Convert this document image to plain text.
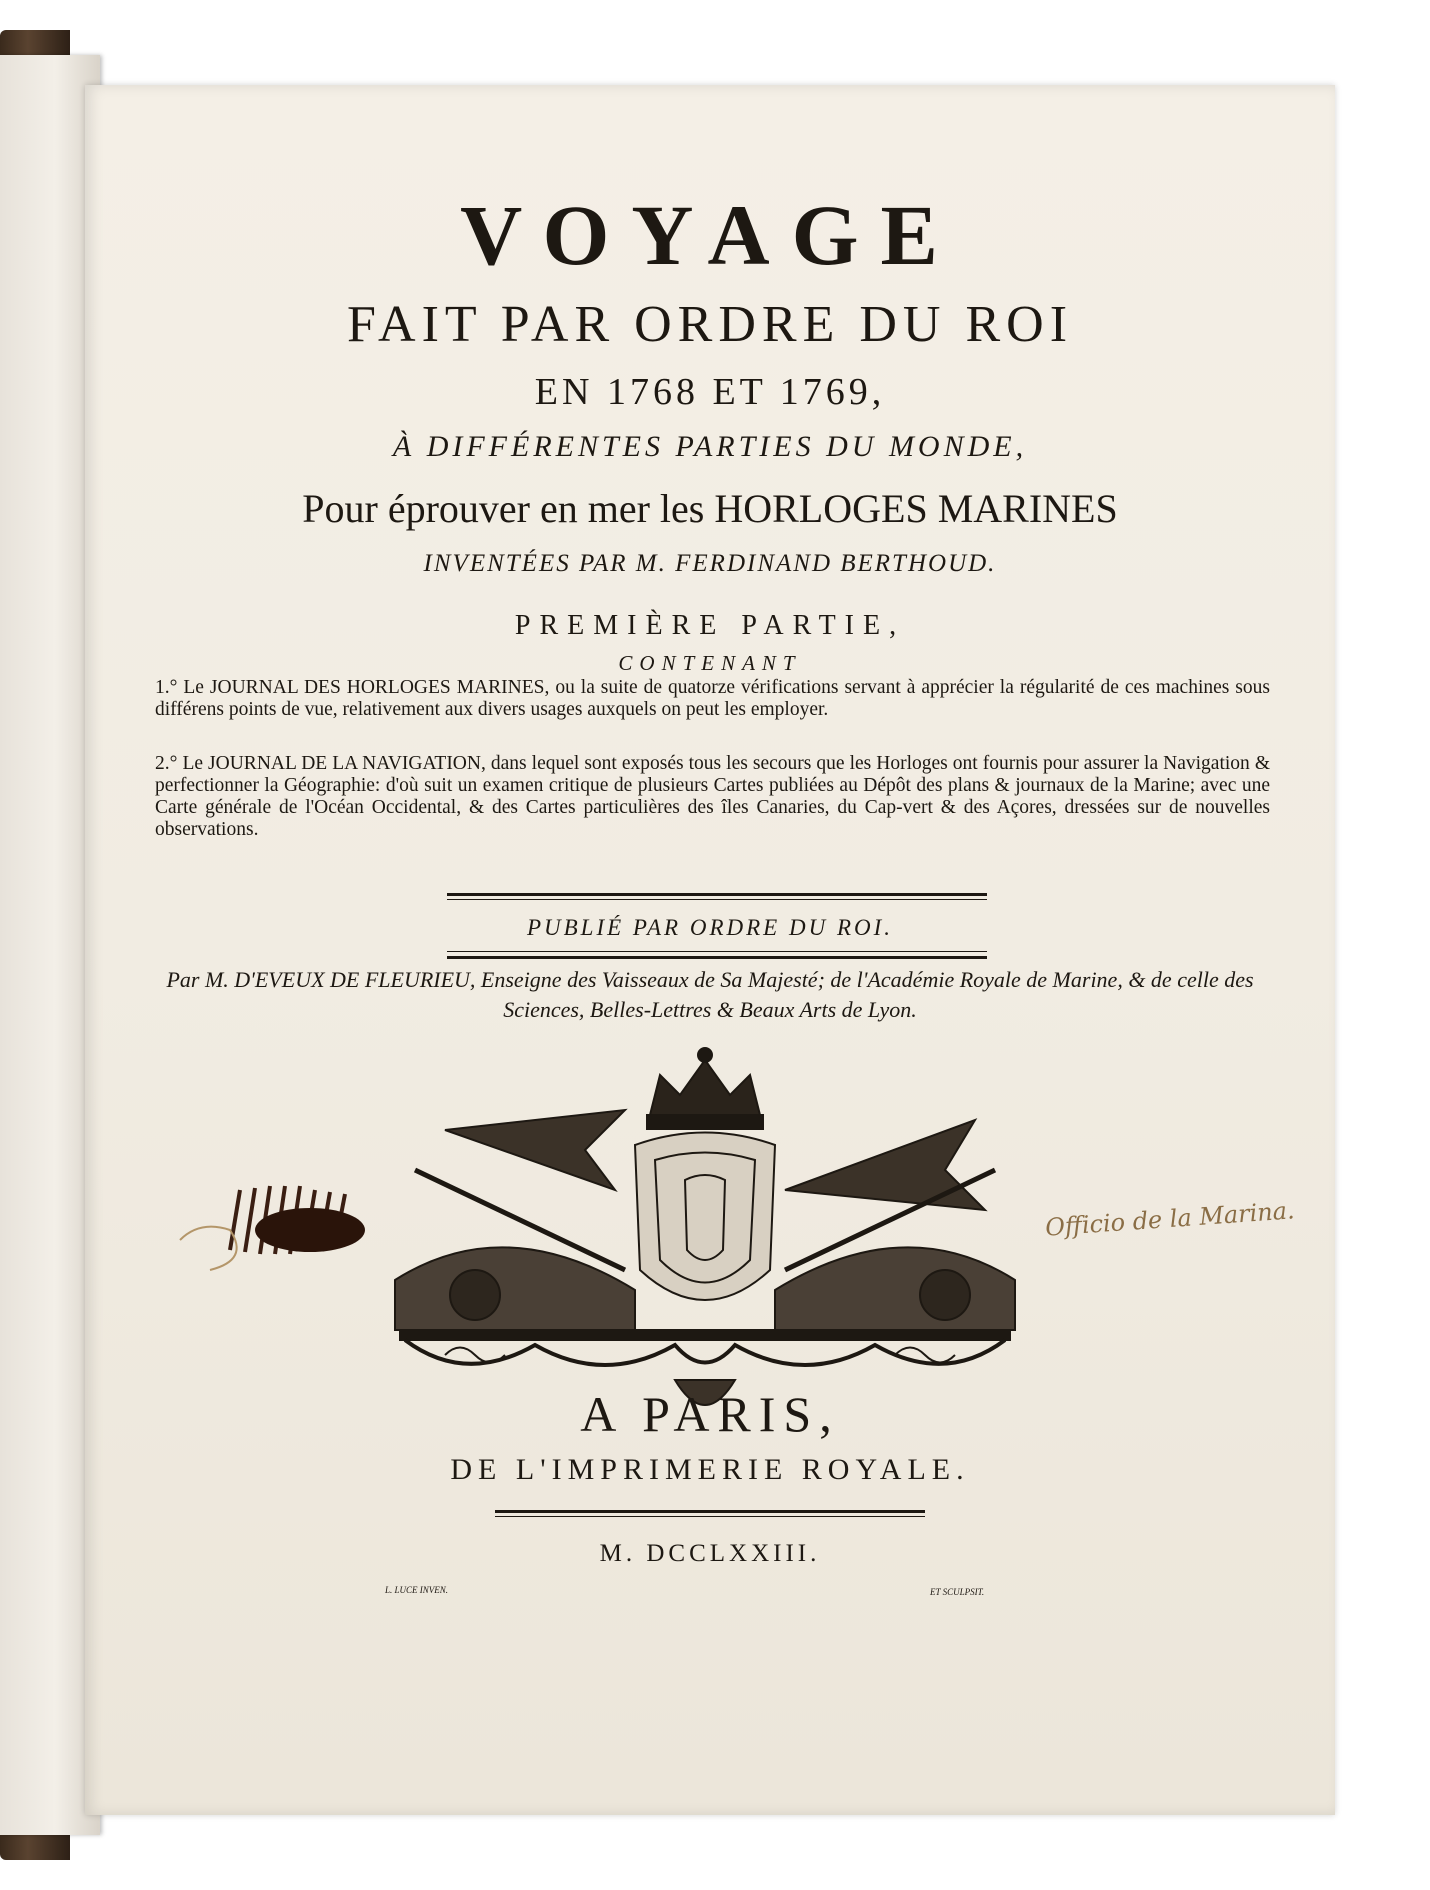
VOYAGE
FAIT PAR ORDRE DU ROI
EN 1768 ET 1769,
À DIFFÉRENTES PARTIES DU MONDE,
Pour éprouver en mer les HORLOGES MARINES
INVENTÉES PAR M. FERDINAND BERTHOUD.
PREMIÈRE PARTIE,
CONTENANT
1.° Le JOURNAL DES HORLOGES MARINES, ou la suite de quatorze vérifications servant à apprécier la régularité de ces machines sous différens points de vue, relativement aux divers usages auxquels on peut les employer.
2.° Le JOURNAL DE LA NAVIGATION, dans lequel sont exposés tous les secours que les Horloges ont fournis pour assurer la Navigation & perfectionner la Géographie: d'où suit un examen critique de plusieurs Cartes publiées au Dépôt des plans & journaux de la Marine; avec une Carte générale de l'Océan Occidental, & des Cartes particulières des îles Canaries, du Cap-vert & des Açores, dressées sur de nouvelles observations.
PUBLIÉ PAR ORDRE DU ROI.
Par M. D'EVEUX DE FLEURIEU, Enseigne des Vaisseaux de Sa Majesté; de l'Académie Royale de Marine, & de celle des Sciences, Belles-Lettres & Beaux Arts de Lyon.
L. LUCE INVEN.	ET SCULPSIT.
Officio de la Marina.
A PARIS,
DE L'IMPRIMERIE ROYALE.
M. DCCLXXIII.
